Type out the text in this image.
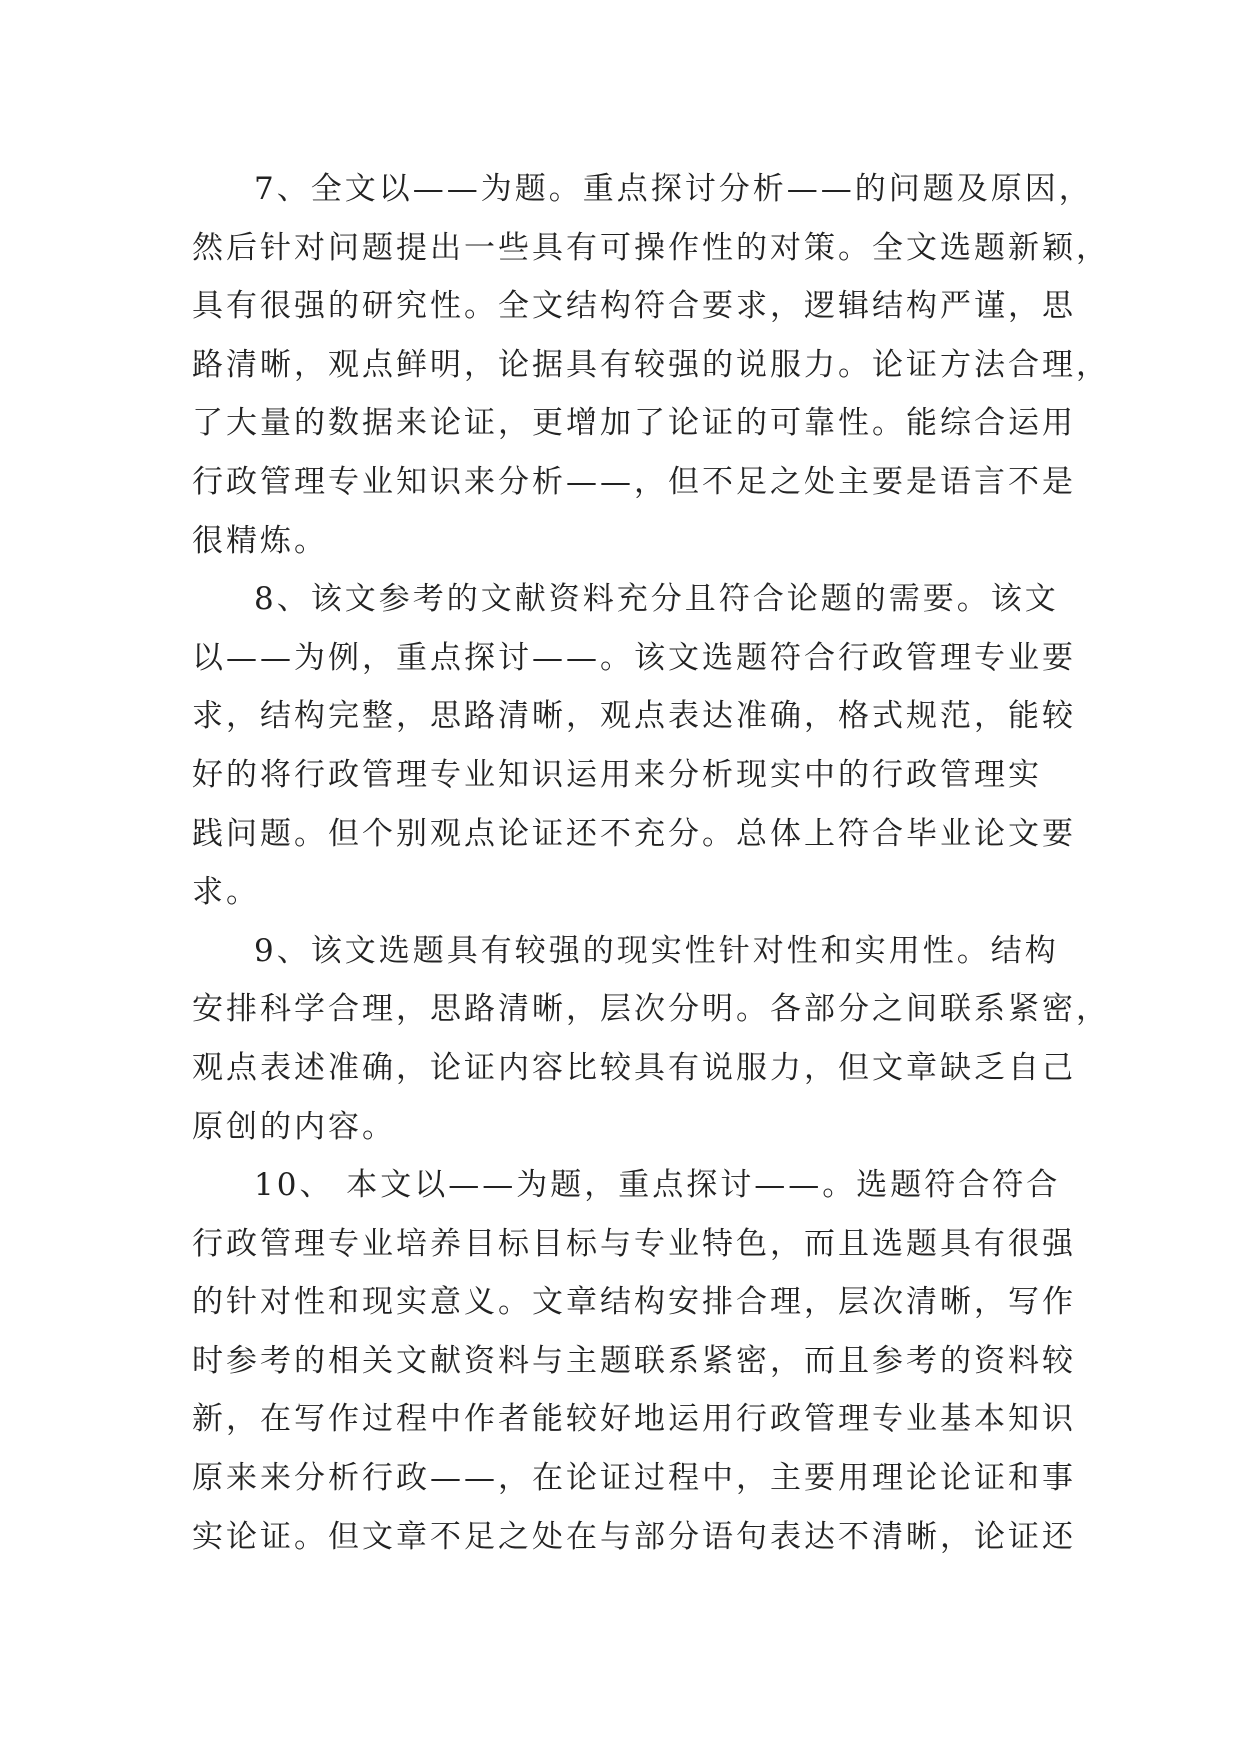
7、全文以——为题。重点探讨分析——的问题及原因，
然后针对问题提出一些具有可操作性的对策。全文选题新颖，
具有很强的研究性。全文结构符合要求，逻辑结构严谨，思
路清晰，观点鲜明，论据具有较强的说服力。论证方法合理，
了大量的数据来论证，更增加了论证的可靠性。能综合运用
行政管理专业知识来分析——，但不足之处主要是语言不是
很精炼。
8、该文参考的文献资料充分且符合论题的需要。该文
以——为例，重点探讨——。该文选题符合行政管理专业要
求，结构完整，思路清晰，观点表达准确，格式规范，能较
好的将行政管理专业知识运用来分析现实中的行政管理实
践问题。但个别观点论证还不充分。总体上符合毕业论文要
求。
9、该文选题具有较强的现实性针对性和实用性。结构
安排科学合理，思路清晰，层次分明。各部分之间联系紧密，
观点表述准确，论证内容比较具有说服力，但文章缺乏自己
原创的内容。
10、 本文以——为题，重点探讨——。选题符合符合
行政管理专业培养目标目标与专业特色，而且选题具有很强
的针对性和现实意义。文章结构安排合理，层次清晰，写作
时参考的相关文献资料与主题联系紧密，而且参考的资料较
新，在写作过程中作者能较好地运用行政管理专业基本知识
原来来分析行政——，在论证过程中，主要用理论论证和事
实论证。但文章不足之处在与部分语句表达不清晰，论证还
